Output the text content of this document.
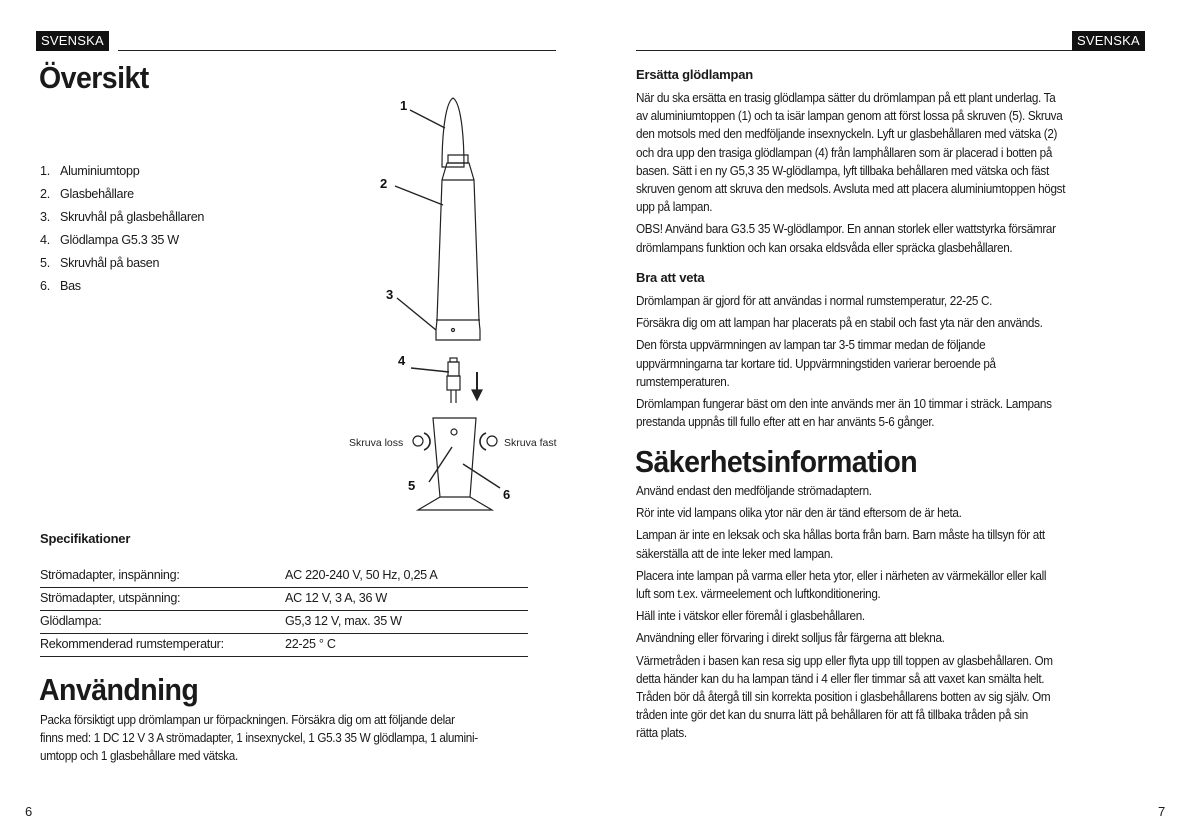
SVENSKA
Översikt
1. Aluminiumtopp
2. Glasbehållare
3. Skruvhål på glasbehållaren
4. Glödlampa G5.3 35 W
5. Skruvhål på basen
6. Bas
1
2
3
4
5
6
Skruva loss	Skruva fast
Specifikationer
Strömadapter, inspänning:	AC 220-240 V, 50 Hz, 0,25 A
Strömadapter, utspänning:	AC 12 V, 3 A, 36 W
Glödlampa:	G5,3 12 V, max. 35 W
Rekommenderad rumstemperatur:	22-25 ° C
Användning
Packa försiktigt upp drömlampan ur förpackningen. Försäkra dig om att följande delar
finns med: 1 DC 12 V 3 A strömadapter, 1 insexnyckel, 1 G5.3 35 W glödlampa, 1 alumini-
umtopp och 1 glasbehållare med vätska.
6
SVENSKA
Ersätta glödlampan
När du ska ersätta en trasig glödlampa sätter du drömlampan på ett plant underlag. Ta
av aluminiumtoppen (1) och ta isär lampan genom att först lossa på skruven (5). Skruva
den motsols med den medföljande insexnyckeln. Lyft ur glasbehållaren med vätska (2)
och dra upp den trasiga glödlampan (4) från lamphållaren som är placerad i botten på
basen. Sätt i en ny G5,3 35 W-glödlampa, lyft tillbaka behållaren med vätska och fäst
skruven genom att skruva den medsols. Avsluta med att placera aluminiumtoppen högst
upp på lampan.
OBS! Använd bara G3.5 35 W-glödlampor. En annan storlek eller wattstyrka försämrar
drömlampans funktion och kan orsaka eldsvåda eller spräcka glasbehållaren.
Bra att veta
Drömlampan är gjord för att användas i normal rumstemperatur, 22-25 C.
Försäkra dig om att lampan har placerats på en stabil och fast yta när den används.
Den första uppvärmningen av lampan tar 3-5 timmar medan de följande
uppvärmningarna tar kortare tid. Uppvärmningstiden varierar beroende på
rumstemperaturen.
Drömlampan fungerar bäst om den inte används mer än 10 timmar i sträck. Lampans
prestanda uppnås till fullo efter att en har använts 5-6 gånger.
Säkerhetsinformation
Använd endast den medföljande strömadaptern.
Rör inte vid lampans olika ytor när den är tänd eftersom de är heta.
Lampan är inte en leksak och ska hållas borta från barn. Barn måste ha tillsyn för att
säkerställa att de inte leker med lampan.
Placera inte lampan på varma eller heta ytor, eller i närheten av värmekällor eller kall
luft som t.ex. värmeelement och luftkonditionering.
Häll inte i vätskor eller föremål i glasbehållaren.
Användning eller förvaring i direkt solljus får färgerna att blekna.
Värmetråden i basen kan resa sig upp eller flyta upp till toppen av glasbehållaren. Om
detta händer kan du ha lampan tänd i 4 eller fler timmar så att vaxet kan smälta helt.
Tråden bör då återgå till sin korrekta position i glasbehållarens botten av sig själv. Om
tråden inte gör det kan du snurra lätt på behållaren för att få tillbaka tråden på sin
rätta plats.
7
